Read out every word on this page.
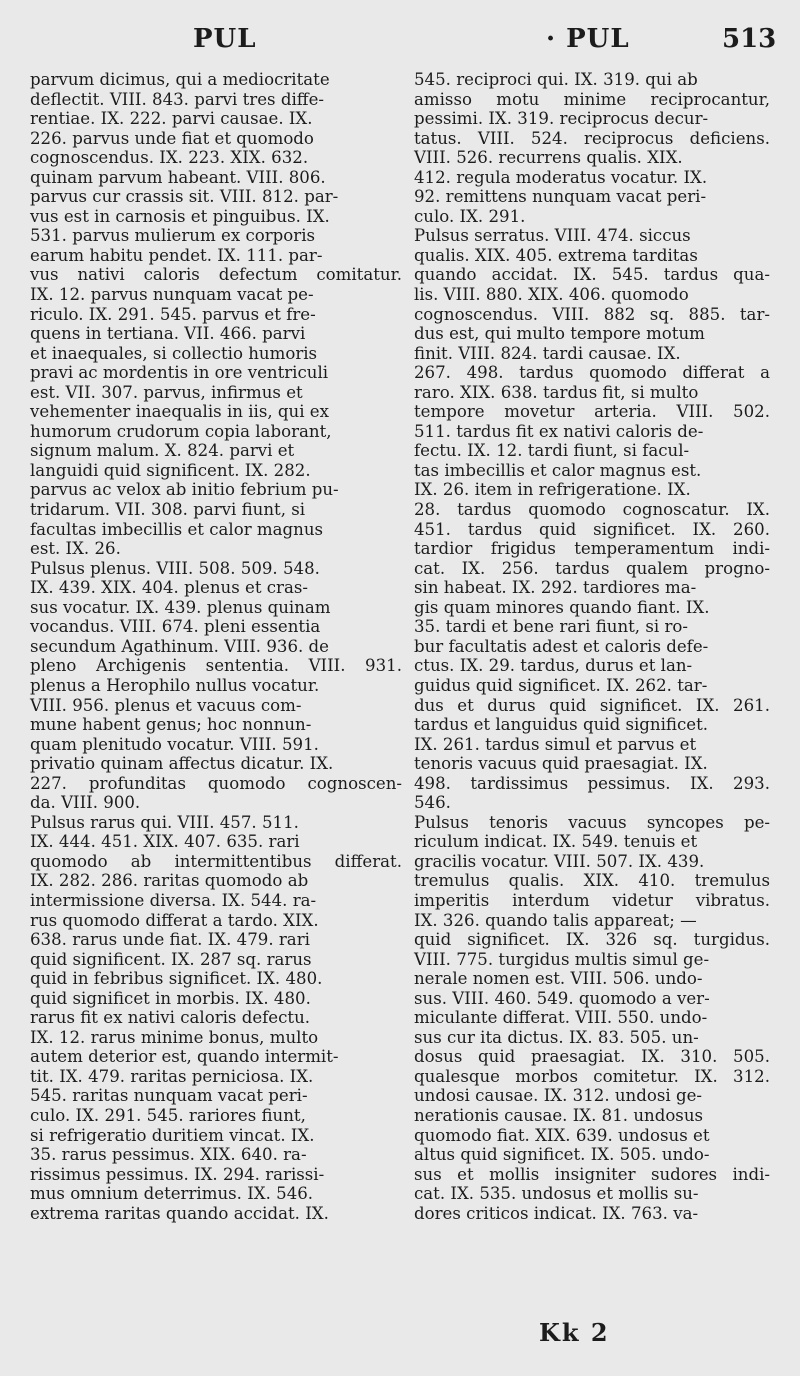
PUL	· PUL	513
parvum dicimus, qui a mediocritate
deflectit. VIII. 843. parvi tres diffe-
rentiae. IX. 222. parvi causae. IX.
226. parvus unde fiat et quomodo
cognoscendus. IX. 223. XIX. 632.
quinam parvum habeant. VIII. 806.
parvus cur crassis sit. VIII. 812. par-
vus est in carnosis et pinguibus. IX.
531. parvus mulierum ex corporis
earum habitu pendet. IX. 111. par-
vus nativi caloris defectum comitatur.
IX. 12. parvus nunquam vacat pe-
riculo. IX. 291. 545. parvus et fre-
quens in tertiana. VII. 466. parvi
et inaequales, si collectio humoris
pravi ac mordentis in ore ventriculi
est. VII. 307. parvus, infirmus et
vehementer inaequalis in iis, qui ex
humorum crudorum copia laborant,
signum malum. X. 824. parvi et
languidi quid significent. IX. 282.
parvus ac velox ab initio febrium pu-
tridarum. VII. 308. parvi fiunt, si
facultas imbecillis et calor magnus
est. IX. 26.
Pulsus plenus. VIII. 508. 509. 548.
IX. 439. XIX. 404. plenus et cras-
sus vocatur. IX. 439. plenus quinam
vocandus. VIII. 674. pleni essentia
secundum Agathinum. VIII. 936. de
pleno Archigenis sententia. VIII. 931.
plenus a Herophilo nullus vocatur.
VIII. 956. plenus et vacuus com-
mune habent genus; hoc nonnun-
quam plenitudo vocatur. VIII. 591.
privatio quinam affectus dicatur. IX.
227. profunditas quomodo cognoscen-
da. VIII. 900.
Pulsus rarus qui. VIII. 457. 511.
IX. 444. 451. XIX. 407. 635. rari
quomodo ab intermittentibus differat.
IX. 282. 286. raritas quomodo ab
intermissione diversa. IX. 544. ra-
rus quomodo differat a tardo. XIX.
638. rarus unde fiat. IX. 479. rari
quid significent. IX. 287 sq. rarus
quid in febribus significet. IX. 480.
quid significet in morbis. IX. 480.
rarus fit ex nativi caloris defectu.
IX. 12. rarus minime bonus, multo
autem deterior est, quando intermit-
tit. IX. 479. raritas perniciosa. IX.
545. raritas nunquam vacat peri-
culo. IX. 291. 545. rariores fiunt,
si refrigeratio duritiem vincat. IX.
35. rarus pessimus. XIX. 640. ra-
rissimus pessimus. IX. 294. rarissi-
mus omnium deterrimus. IX. 546.
extrema raritas quando accidat. IX.
545. reciproci qui. IX. 319. qui ab
amisso motu minime reciprocantur,
pessimi. IX. 319. reciprocus decur-
tatus. VIII. 524. reciprocus deficiens.
VIII. 526. recurrens qualis. XIX.
412. regula moderatus vocatur. IX.
92. remittens nunquam vacat peri-
culo. IX. 291.
Pulsus serratus. VIII. 474. siccus
qualis. XIX. 405. extrema tarditas
quando accidat. IX. 545. tardus qua-
lis. VIII. 880. XIX. 406. quomodo
cognoscendus. VIII. 882 sq. 885. tar-
dus est, qui multo tempore motum
finit. VIII. 824. tardi causae. IX.
267. 498. tardus quomodo differat a
raro. XIX. 638. tardus fit, si multo
tempore movetur arteria. VIII. 502.
511. tardus fit ex nativi caloris de-
fectu. IX. 12. tardi fiunt, si facul-
tas imbecillis et calor magnus est.
IX. 26. item in refrigeratione. IX.
28. tardus quomodo cognoscatur. IX.
451. tardus quid significet. IX. 260.
tardior frigidus temperamentum indi-
cat. IX. 256. tardus qualem progno-
sin habeat. IX. 292. tardiores ma-
gis quam minores quando fiant. IX.
35. tardi et bene rari fiunt, si ro-
bur facultatis adest et caloris defe-
ctus. IX. 29. tardus, durus et lan-
guidus quid significet. IX. 262. tar-
dus et durus quid significet. IX. 261.
tardus et languidus quid significet.
IX. 261. tardus simul et parvus et
tenoris vacuus quid praesagiat. IX.
498. tardissimus pessimus. IX. 293.
546.
Pulsus tenoris vacuus syncopes pe-
riculum indicat. IX. 549. tenuis et
gracilis vocatur. VIII. 507. IX. 439.
tremulus qualis. XIX. 410. tremulus
imperitis interdum videtur vibratus.
IX. 326. quando talis appareat; —
quid significet. IX. 326 sq. turgidus.
VIII. 775. turgidus multis simul ge-
nerale nomen est. VIII. 506. undo-
sus. VIII. 460. 549. quomodo a ver-
miculante differat. VIII. 550. undo-
sus cur ita dictus. IX. 83. 505. un-
dosus quid praesagiat. IX. 310. 505.
qualesque morbos comitetur. IX. 312.
undosi causae. IX. 312. undosi ge-
nerationis causae. IX. 81. undosus
quomodo fiat. XIX. 639. undosus et
altus quid significet. IX. 505. undo-
sus et mollis insigniter sudores indi-
cat. IX. 535. undosus et mollis su-
dores criticos indicat. IX. 763. va-
Kk 2
